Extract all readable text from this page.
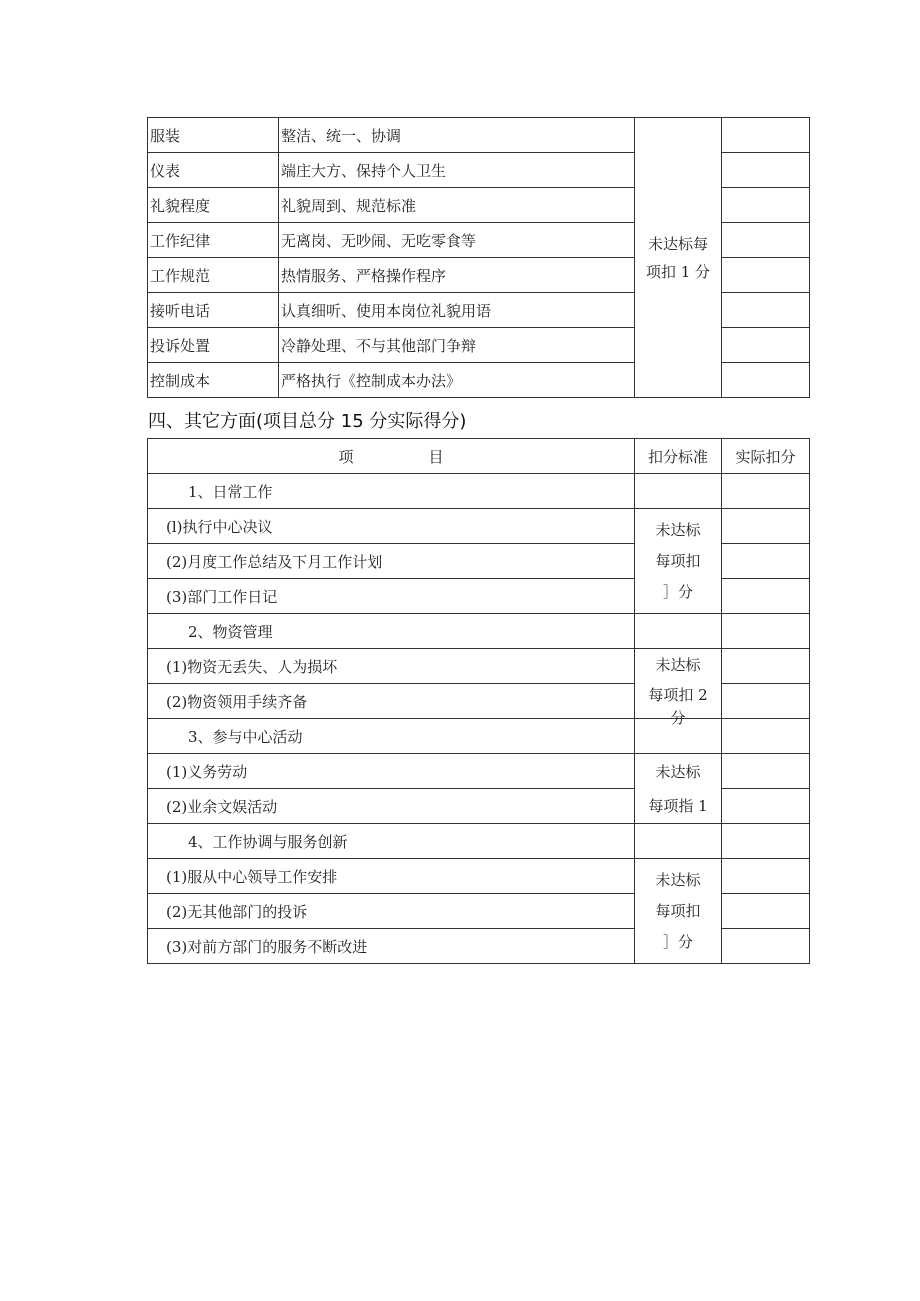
服装	整洁、统一、协调	未达标每
项扣 1 分	

仪表	端庄大方、保持个人卫生		
礼貌程度	礼貌周到、规范标准		
工作纪律	无离岗、无吵闹、无吃零食等		
工作规范	热情服务、严格操作程序		
接听电话	认真细听、使用本岗位礼貌用语		
投诉处置	冷静处理、不与其他部门争辩		
控制成本	严格执行《控制成本办法》		
四、其它方面(项目总分 15 分实际得分)
项　　　　　目	扣分标准	实际扣分
1、日常工作		
(l)执行中心决议	未达标
每项扣
］分	

(2)月度工作总结及下月工作计划		
(3)部门工作日记		
2、物资管理		
(1)物资无丢失、人为损坏	未达标
每项扣 2
分	

(2)物资领用手续齐备		
3、参与中心活动		
(1)义务劳动	未达标
每项指 1	

(2)业余文娱活动		
4、工作协调与服务创新		
(1)服从中心领导工作安排	未达标
每项扣
］分	

(2)无其他部门的投诉		
(3)对前方部门的服务不断改进		
